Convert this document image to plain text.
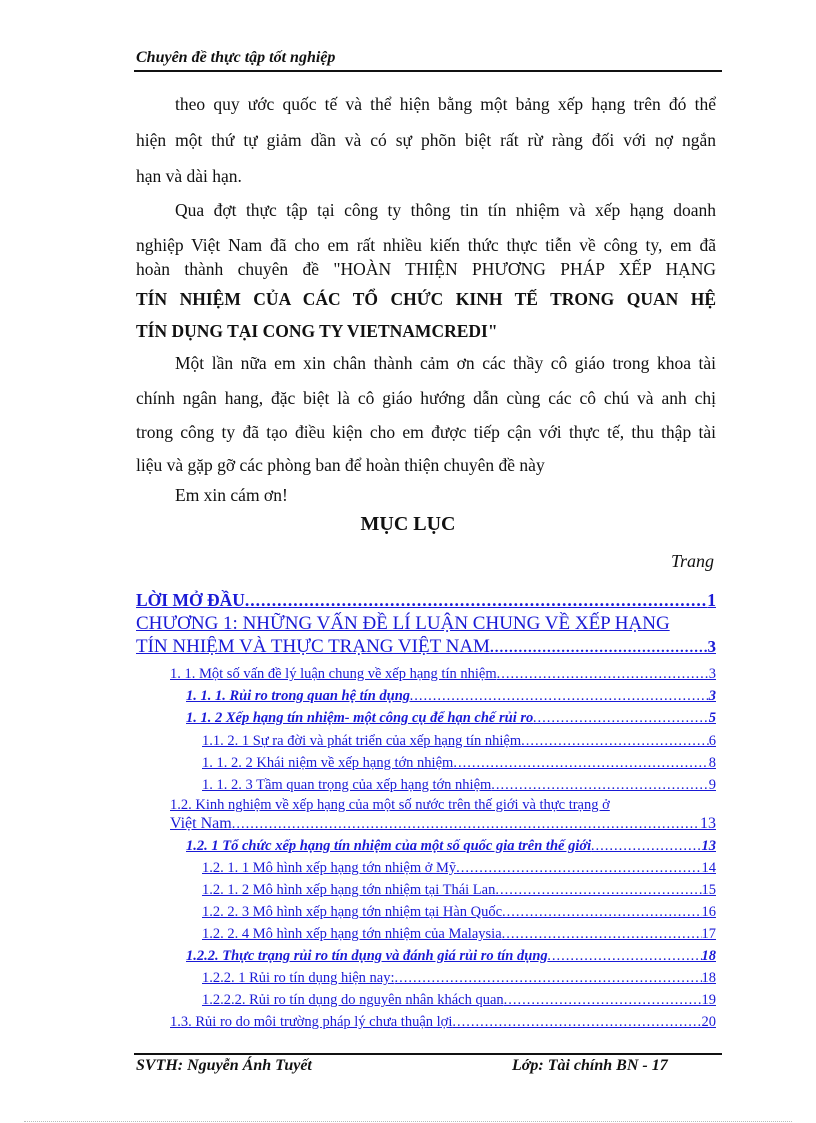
Chuyên đề thực tập tốt nghiệp
theo quy ước quốc tế và thể hiện bằng một bảng xếp hạng trên đó thể
hiện một thứ tự giảm dần và có sự phõn biệt rất rừ ràng đối với nợ ngắn
hạn và dài hạn.
Qua đợt thực tập tại công ty thông tin tín nhiệm và xếp hạng doanh
nghiệp Việt Nam đã cho em rất nhiều kiến thức thực tiễn về công ty, em đã
hoàn thành chuyên đề "HOÀN THIỆN PHƯƠNG PHÁP XẾP HẠNG
TÍN NHIỆM CỦA CÁC TỔ CHỨC KINH TẾ TRONG QUAN HỆ
TÍN DỤNG TẠI CONG TY VIETNAMCREDI"
Một lần nữa em xin chân thành cảm ơn các thầy cô giáo trong khoa tài
chính ngân hang, đặc biệt là cô giáo hướng dẫn cùng các cô chú và anh chị
trong công ty đã tạo điều kiện cho em được tiếp cận với thực tế, thu thập tài
liệu và gặp gỡ các phòng ban để hoàn thiện chuyên đề này
Em xin cám ơn!
MỤC LỤC
Trang
LỜI MỞ ĐẦU .....	1
CHƯƠNG 1: NHỮNG VẤN ĐỀ LÍ LUẬN CHUNG VỀ XẾP HẠNG
TÍN NHIỆM VÀ THỰC TRẠNG VIỆT NAM .....	3
1. 1. Một số vấn đề lý luận chung về xếp hạng tín nhiệm .....	3
1. 1. 1. Rủi ro trong quan hệ tín dụng .....	3
1. 1. 2 Xếp hạng tín nhiệm- một công cụ để hạn chế rủi ro .....	5
1.1. 2. 1 Sự ra đời và phát triển của xếp hạng tín nhiệm .....	6
1. 1. 2. 2 Khái niệm về xếp hạng tớn nhiệm .....	8
1. 1. 2. 3 Tầm quan trọng của xếp hạng tớn nhiệm .....	9
1.2. Kinh nghiệm về xếp hạng của một số nước trên thế giới và thực trạng ở
Việt Nam .....	13
1.2. 1 Tổ chức xếp hạng tín nhiệm của một số quốc gia trên thế giới .....	13
1.2. 1. 1 Mô hình xếp hạng tớn nhiệm ở Mỹ .....	14
1.2. 1. 2 Mô hình xếp hạng tớn nhiệm tại Thái Lan .....	15
1.2. 2. 3 Mô hình xếp hạng tớn nhiệm tại Hàn Quốc .....	16
1.2. 2. 4 Mô hình xếp hạng tớn nhiệm của Malaysia .....	17
1.2.2. Thực trạng rủi ro tín dụng và đánh giá rủi ro tín dụng .....	18
1.2.2. 1 Rủi ro tín dụng hiện nay: .....	18
1.2.2.2. Rủi ro tín dụng do nguyên nhân khách quan .....	19
1.3. Rủi ro do môi trường pháp lý chưa thuận lợi .....	20
SVTH: Nguyễn Ánh Tuyết	Lớp: Tài chính BN - 17
